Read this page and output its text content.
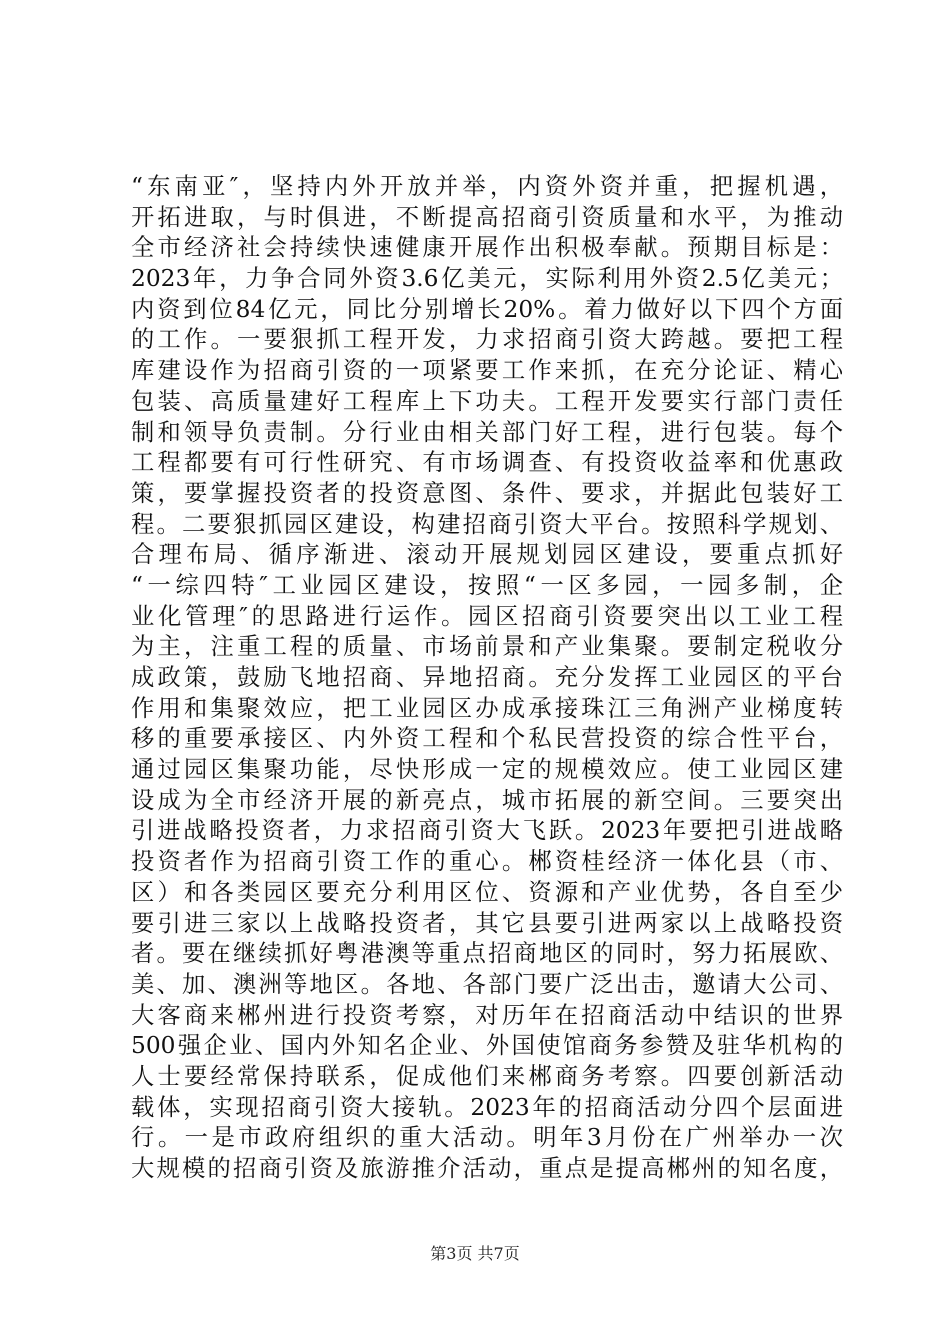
“东南亚″，坚持内外开放并举，内资外资并重，把握机遇，
开拓进取，与时俱进，不断提高招商引资质量和水平，为推动
全市经济社会持续快速健康开展作出积极奉献。预期目标是：
2023年，力争合同外资3.6亿美元，实际利用外资2.5亿美元；
内资到位84亿元，同比分别增长20%。着力做好以下四个方面
的工作。一要狠抓工程开发，力求招商引资大跨越。要把工程
库建设作为招商引资的一项紧要工作来抓，在充分论证、精心
包装、高质量建好工程库上下功夫。工程开发要实行部门责任
制和领导负责制。分行业由相关部门好工程，进行包装。每个
工程都要有可行性研究、有市场调查、有投资收益率和优惠政
策，要掌握投资者的投资意图、条件、要求，并据此包装好工
程。二要狠抓园区建设，构建招商引资大平台。按照科学规划、
合理布局、循序渐进、滚动开展规划园区建设，要重点抓好
“一综四特″工业园区建设，按照“一区多园，一园多制，企
业化管理″的思路进行运作。园区招商引资要突出以工业工程
为主，注重工程的质量、市场前景和产业集聚。要制定税收分
成政策，鼓励飞地招商、异地招商。充分发挥工业园区的平台
作用和集聚效应，把工业园区办成承接珠江三角洲产业梯度转
移的重要承接区、内外资工程和个私民营投资的综合性平台，
通过园区集聚功能，尽快形成一定的规模效应。使工业园区建
设成为全市经济开展的新亮点，城市拓展的新空间。三要突出
引进战略投资者，力求招商引资大飞跃。2023年要把引进战略
投资者作为招商引资工作的重心。郴资桂经济一体化县（市、
区）和各类园区要充分利用区位、资源和产业优势，各自至少
要引进三家以上战略投资者，其它县要引进两家以上战略投资
者。要在继续抓好粤港澳等重点招商地区的同时，努力拓展欧、
美、加、澳洲等地区。各地、各部门要广泛出击，邀请大公司、
大客商来郴州进行投资考察，对历年在招商活动中结识的世界
500强企业、国内外知名企业、外国使馆商务参赞及驻华机构的
人士要经常保持联系，促成他们来郴商务考察。四要创新活动
载体，实现招商引资大接轨。2023年的招商活动分四个层面进
行。一是市政府组织的重大活动。明年3月份在广州举办一次
大规模的招商引资及旅游推介活动，重点是提高郴州的知名度，
第3页 共7页
